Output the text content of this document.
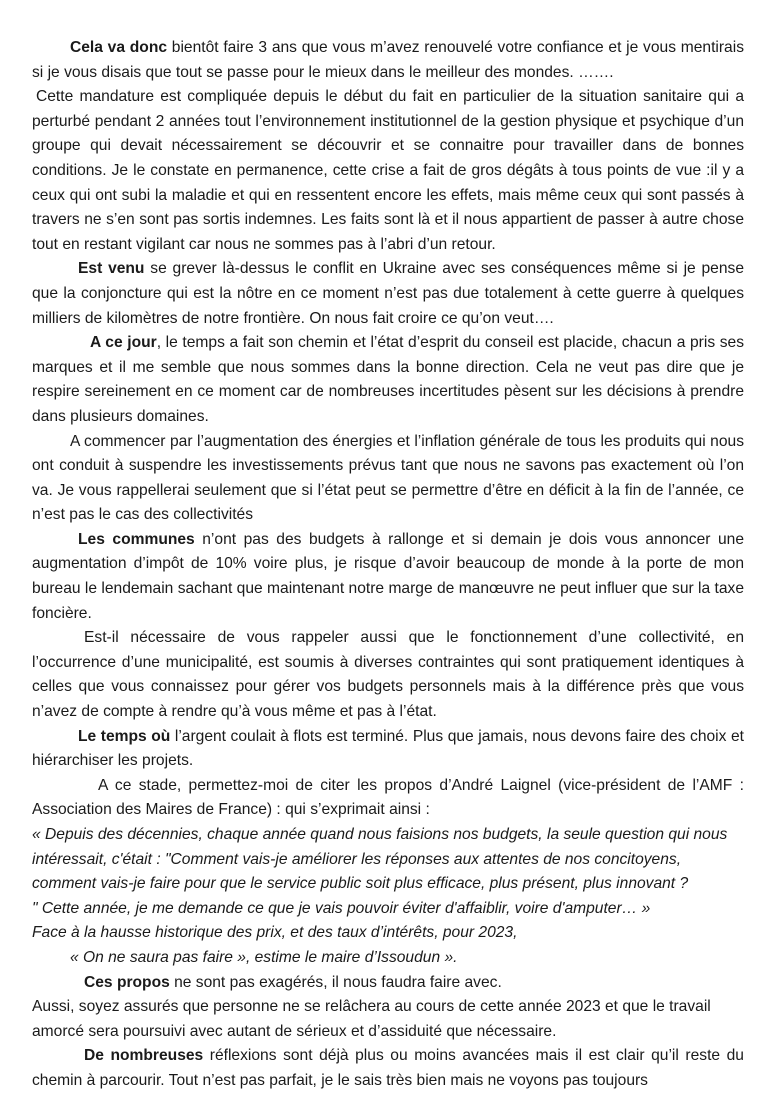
Cela va donc bientôt faire 3 ans que vous m’avez renouvelé votre confiance et je vous mentirais si je vous disais que tout se passe pour le mieux dans le meilleur des mondes. …….

Cette mandature est compliquée depuis le début du fait en particulier de la situation sanitaire qui a perturbé pendant 2 années tout l’environnement institutionnel de la gestion physique et psychique d’un groupe qui devait nécessairement se découvrir et se connaitre pour travailler dans de bonnes conditions. Je le constate en permanence, cette crise a fait de gros dégâts à tous points de vue :il y a ceux qui ont subi la maladie et qui en ressentent encore les effets, mais même ceux qui sont passés à travers ne s’en sont pas sortis indemnes. Les faits sont là et il nous appartient de passer à autre chose tout en restant vigilant car nous ne sommes pas à l’abri d’un retour.

Est venu se grever là-dessus le conflit en Ukraine avec ses conséquences même si je pense que la conjoncture qui est la nôtre en ce moment n’est pas due totalement à cette guerre à quelques milliers de kilomètres de notre frontière. On nous fait croire ce qu’on veut….

A ce jour, le temps a fait son chemin et l’état d’esprit du conseil est placide, chacun a pris ses marques et il me semble que nous sommes dans la bonne direction. Cela ne veut pas dire que je respire sereinement en ce moment car de nombreuses incertitudes pèsent sur les décisions à prendre dans plusieurs domaines.

A commencer par l’augmentation des énergies et l’inflation générale de tous les produits qui nous ont conduit à suspendre les investissements prévus tant que nous ne savons pas exactement où l’on va. Je vous rappellerai seulement que si l’état peut se permettre d’être en déficit à la fin de l’année, ce n’est pas le cas des collectivités

Les communes n’ont pas des budgets à rallonge et si demain je dois vous annoncer une augmentation d’impôt de 10% voire plus, je risque d’avoir beaucoup de monde à la porte de mon bureau le lendemain sachant que maintenant notre marge de manœuvre ne peut influer que sur la taxe foncière.

Est-il nécessaire de vous rappeler aussi que le fonctionnement d’une collectivité, en l’occurrence d’une municipalité, est soumis à diverses contraintes qui sont pratiquement identiques à celles que vous connaissez pour gérer vos budgets personnels mais à la différence près que vous n’avez de compte à rendre qu’à vous même et pas à l’état.

Le temps où l’argent coulait à flots est terminé. Plus que jamais, nous devons faire des choix et hiérarchiser les projets.

A ce stade, permettez-moi de citer les propos d’André Laignel (vice-président de l’AMF : Association des Maires de France) : qui s’exprimait ainsi :

« Depuis des décennies, chaque année quand nous faisions nos budgets, la seule question qui nous intéressait, c'était : "Comment vais-je améliorer les réponses aux attentes de nos concitoyens, comment vais-je faire pour que le service public soit plus efficace, plus présent, plus innovant ?

" Cette année, je me demande ce que je vais pouvoir éviter d'affaiblir, voire d'amputer… »

Face à la hausse historique des prix, et des taux d’intérêts, pour 2023,

« On ne saura pas faire », estime le maire d’Issoudun ».

Ces propos ne sont pas exagérés, il nous faudra faire avec.

Aussi, soyez assurés que personne ne se relâchera au cours de cette année 2023 et que le travail amorcé sera poursuivi avec autant de sérieux et d’assiduité que nécessaire.

De nombreuses réflexions sont déjà plus ou moins avancées mais il est clair qu’il reste du chemin à parcourir. Tout n’est pas parfait, je le sais très bien mais ne voyons pas toujours
